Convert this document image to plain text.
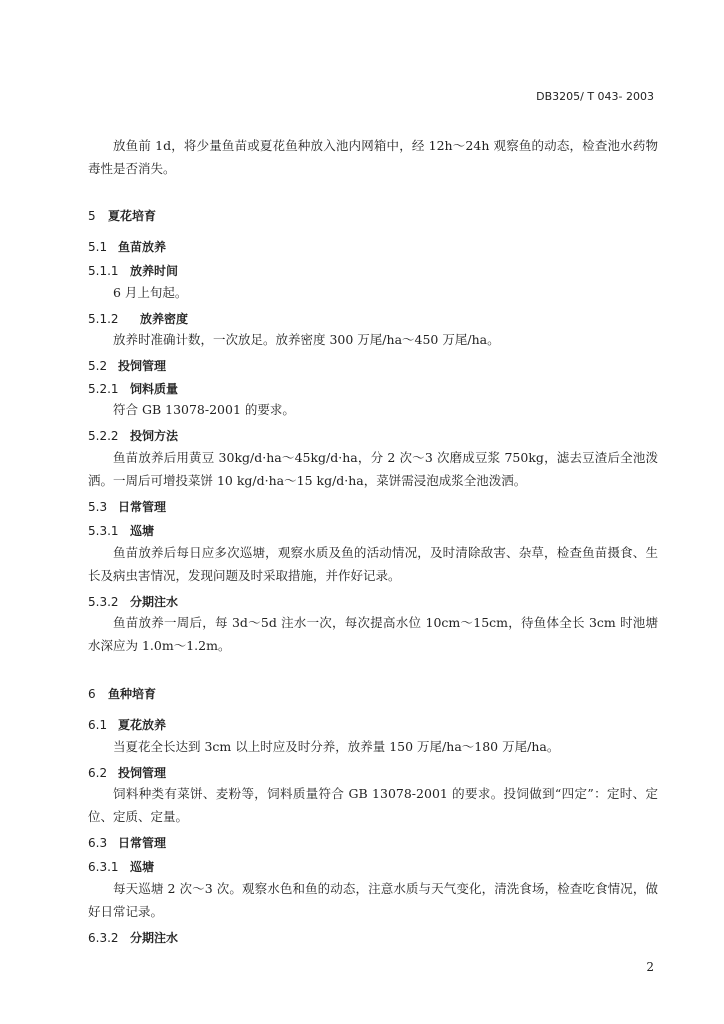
DB3205/ T 043- 2003

放鱼前 1d，将少量鱼苗或夏花鱼种放入池内网箱中，经 12h～24h 观察鱼的动态，检查池水药物毒性是否消失。

5 夏花培育
5.1 鱼苗放养
5.1.1 放养时间

6 月上旬起。

5.1.2 放养密度

放养时准确计数，一次放足。放养密度 300 万尾/ha～450 万尾/ha。

5.2 投饲管理
5.2.1 饲料质量

符合 GB 13078-2001 的要求。

5.2.2 投饲方法

鱼苗放养后用黄豆 30kg/d·ha～45kg/d·ha，分 2 次～3 次磨成豆浆 750kg，滤去豆渣后全池泼洒。一周后可增投菜饼 10 kg/d·ha～15 kg/d·ha，菜饼需浸泡成浆全池泼洒。

5.3 日常管理
5.3.1 巡塘

鱼苗放养后每日应多次巡塘，观察水质及鱼的活动情况，及时清除敌害、杂草，检查鱼苗摄食、生长及病虫害情况，发现问题及时采取措施，并作好记录。

5.3.2 分期注水

鱼苗放养一周后，每 3d～5d 注水一次，每次提高水位 10cm～15cm，待鱼体全长 3cm 时池塘水深应为 1.0m～1.2m。

6 鱼种培育
6.1 夏花放养

当夏花全长达到 3cm 以上时应及时分养，放养量 150 万尾/ha～180 万尾/ha。

6.2 投饲管理

饲料种类有菜饼、麦粉等，饲料质量符合 GB 13078-2001 的要求。投饲做到“四定”：定时、定位、定质、定量。

6.3 日常管理
6.3.1 巡塘

每天巡塘 2 次～3 次。观察水色和鱼的动态，注意水质与天气变化，清洗食场，检查吃食情况，做好日常记录。

6.3.2 分期注水
2
